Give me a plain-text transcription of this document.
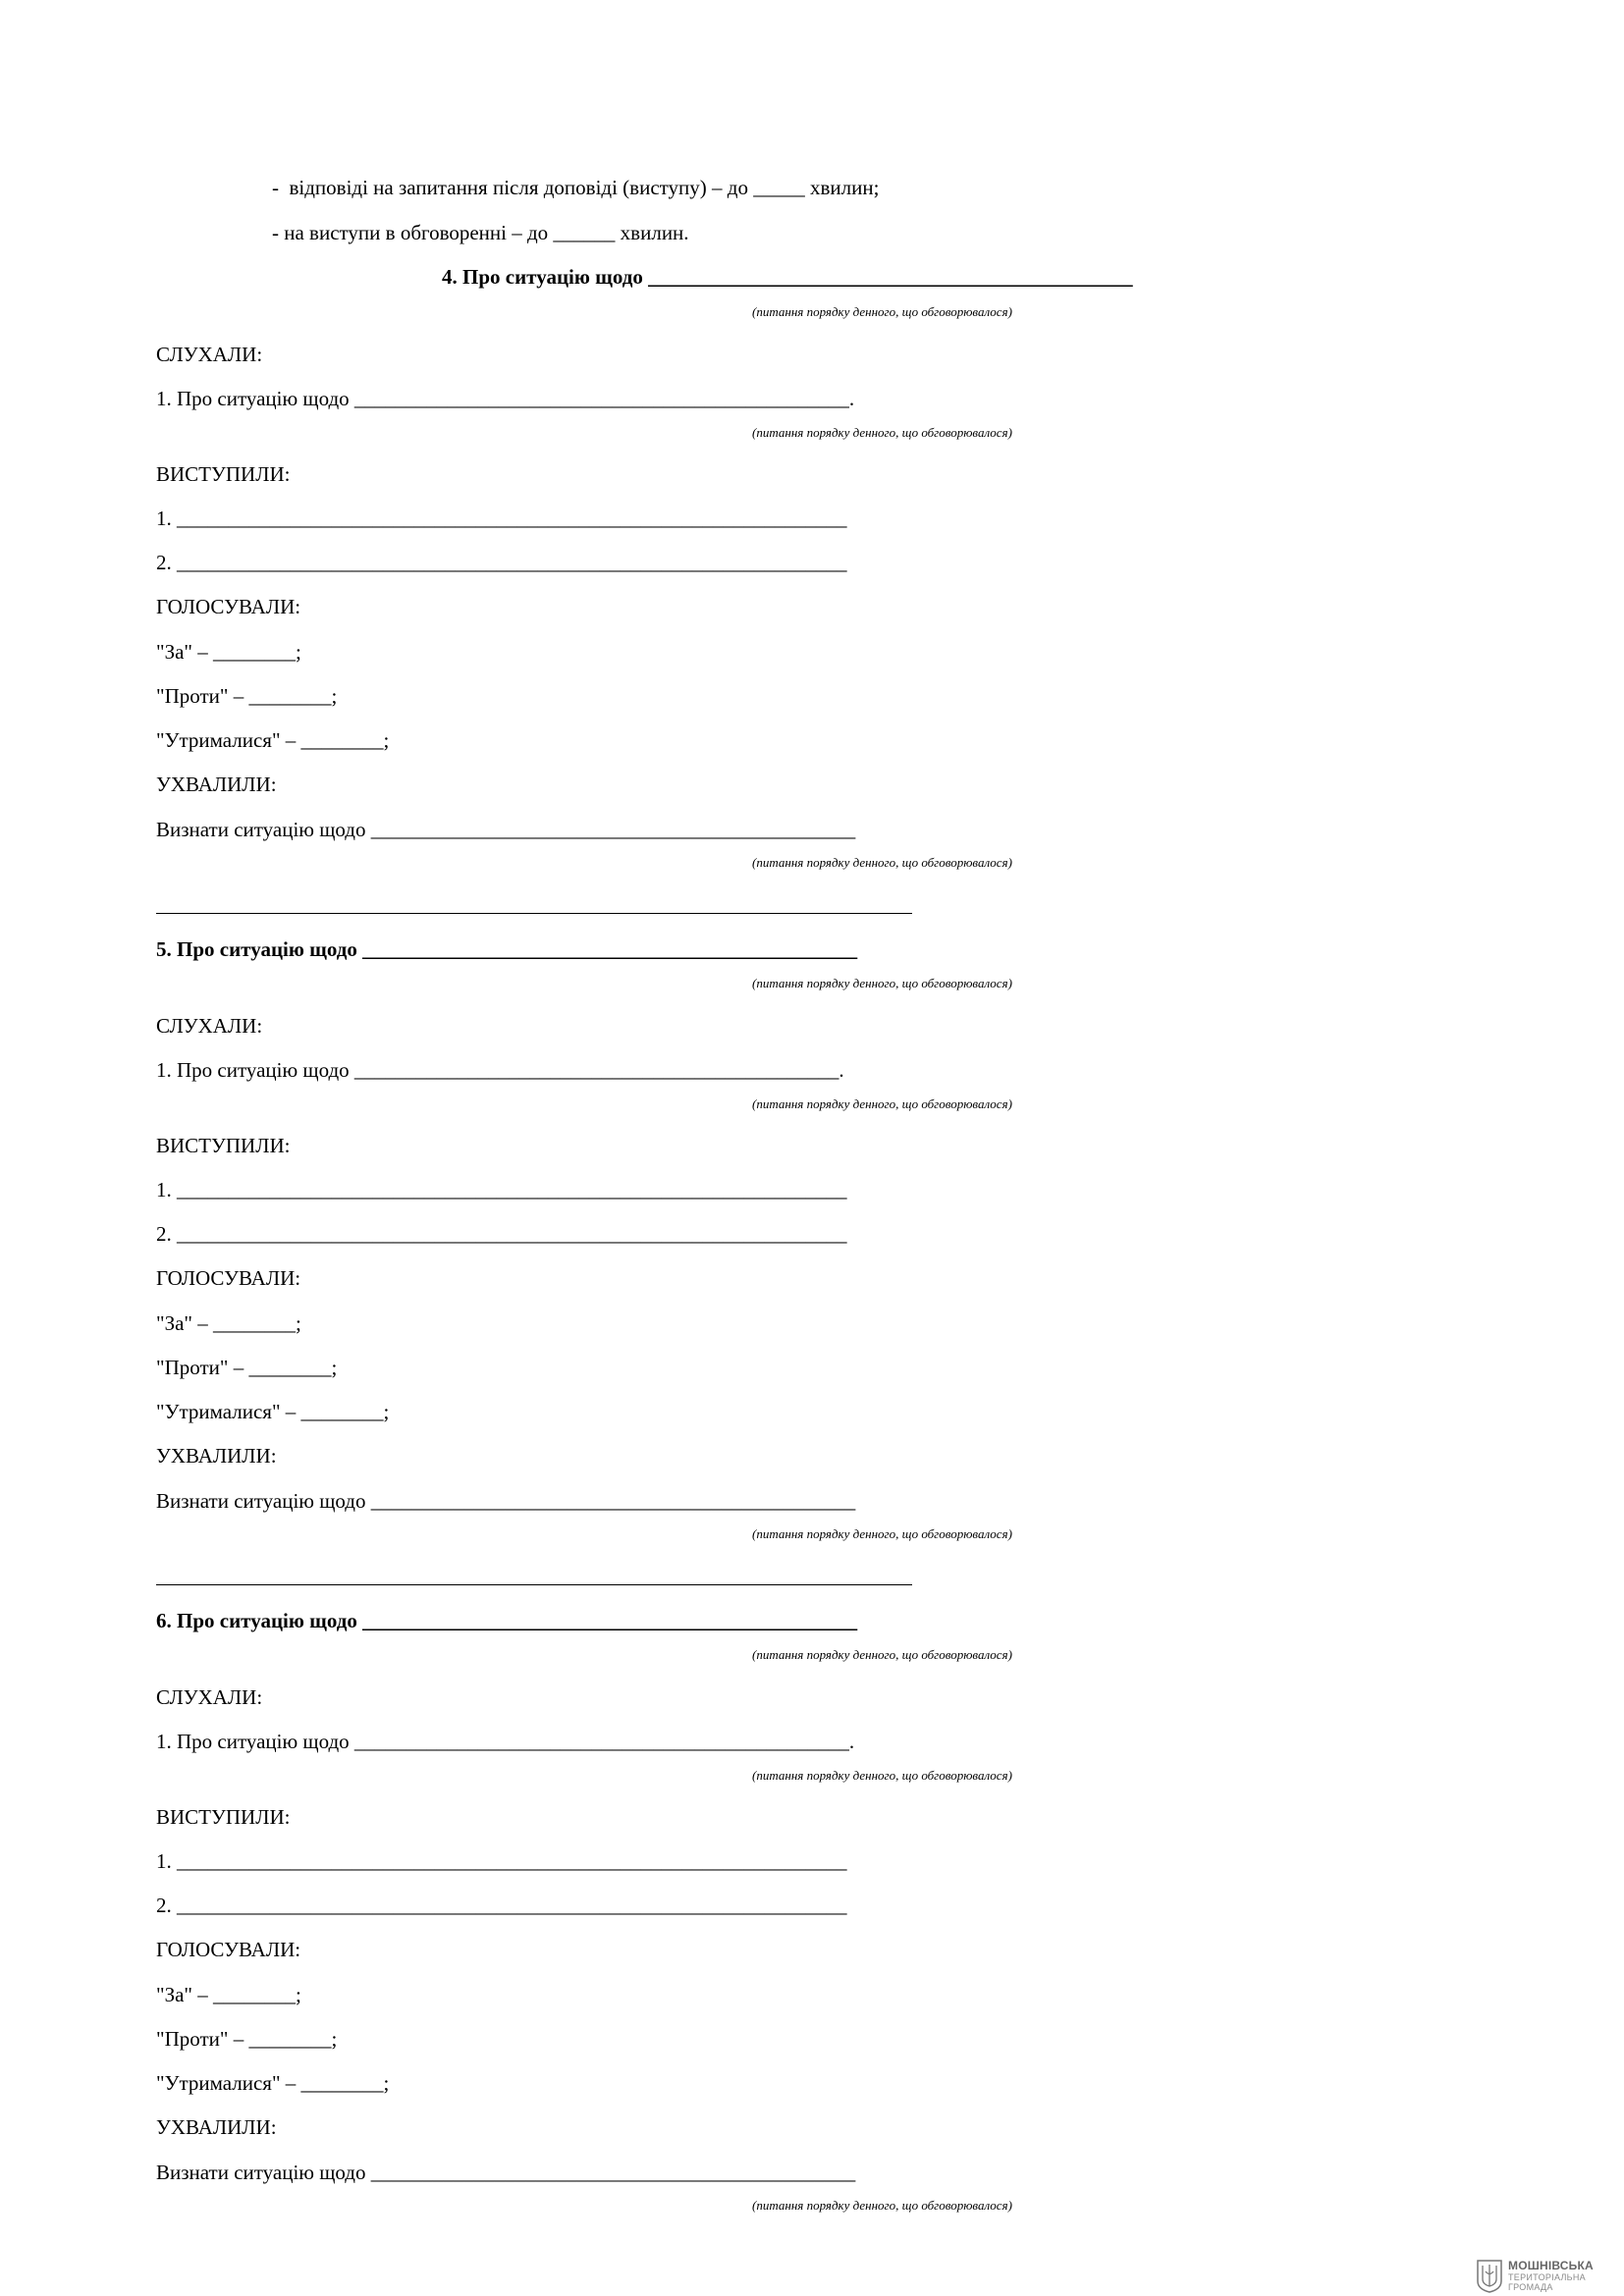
-  відповіді на запитання після доповіді (виступу) – до _____ хвилин;
- на виступи в обговоренні – до ______ хвилин.
4. Про ситуацію щодо _______________________________________________
(питання порядку денного, що обговорювалося)
СЛУХАЛИ:
1. Про ситуацію щодо ________________________________________________.
(питання порядку денного, що обговорювалося)
ВИСТУПИЛИ:
1. _________________________________________________________________
2. _________________________________________________________________
ГОЛОСУВАЛИ:
"За" – ________;
"Проти" – ________;
"Утрималися" – ________;
УХВАЛИЛИ:
Визнати ситуацію щодо _______________________________________________
(питання порядку денного, що обговорювалося)
5. Про ситуацію щодо ________________________________________________
(питання порядку денного, що обговорювалося)
СЛУХАЛИ:
1. Про ситуацію щодо _______________________________________________.
(питання порядку денного, що обговорювалося)
ВИСТУПИЛИ:
1. _________________________________________________________________
2. _________________________________________________________________
ГОЛОСУВАЛИ:
"За" – ________;
"Проти" – ________;
"Утрималися" – ________;
УХВАЛИЛИ:
Визнати ситуацію щодо _______________________________________________
(питання порядку денного, що обговорювалося)
6. Про ситуацію щодо ________________________________________________
(питання порядку денного, що обговорювалося)
СЛУХАЛИ:
1. Про ситуацію щодо ________________________________________________.
(питання порядку денного, що обговорювалося)
ВИСТУПИЛИ:
1. _________________________________________________________________
2. _________________________________________________________________
ГОЛОСУВАЛИ:
"За" – ________;
"Проти" – ________;
"Утрималися" – ________;
УХВАЛИЛИ:
Визнати ситуацію щодо _______________________________________________
(питання порядку денного, що обговорювалося)
МОШНІВСЬКА
ТЕРИТОРІАЛЬНА
ГРОМАДА
